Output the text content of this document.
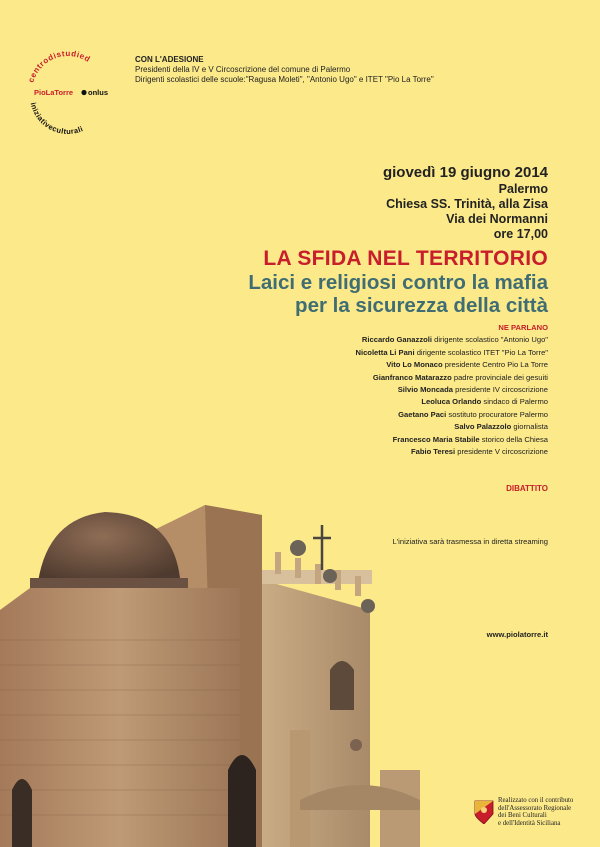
centrodistudied
PioLaTorre onlus
iniziativeculturali
CON L'ADESIONE
Presidenti della IV e V Circoscrizione del comune di Palermo
Dirigenti scolastici delle scuole:"Ragusa Moleti", "Antonio Ugo" e ITET "Pio La Torre"
giovedì 19 giugno 2014
Palermo
Chiesa SS. Trinità, alla Zisa
Via dei Normanni
ore 17,00
LA SFIDA NEL TERRITORIO
Laici e religiosi contro la mafia
per la sicurezza della città
NE PARLANO
Riccardo Ganazzoli dirigente scolastico "Antonio Ugo"
Nicoletta Li Pani dirigente scolastico ITET "Pio La Torre"
Vito Lo Monaco presidente Centro Pio La Torre
Gianfranco Matarazzo padre provinciale dei gesuiti
Silvio Moncada presidente IV circoscrizione
Leoluca Orlando sindaco di Palermo
Gaetano Paci sostituto procuratore Palermo
Salvo Palazzolo giornalista
Francesco Maria Stabile storico della Chiesa
Fabio Teresi presidente V circoscrizione
DIBATTITO
L'iniziativa sarà trasmessa in diretta streaming
www.piolatorre.it
Realizzato con il contributo
dell'Assessorato Regionale
dei Beni Culturali
e dell'Identità Siciliana
